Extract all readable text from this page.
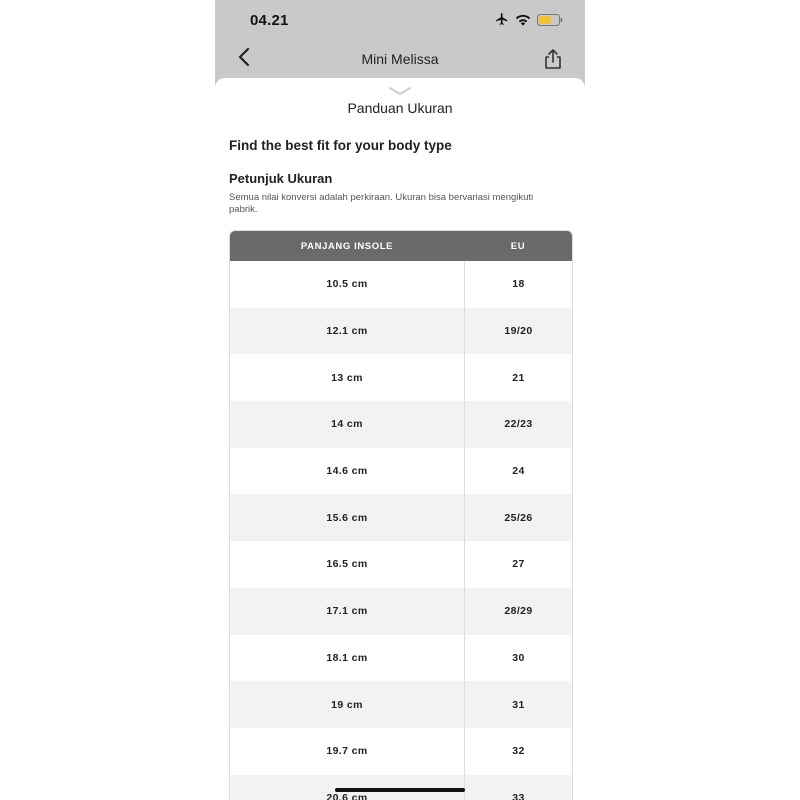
04.21
Mini Melissa
Panduan Ukuran
Find the best fit for your body type
Petunjuk Ukuran
Semua nilai konversi adalah perkiraan. Ukuran bisa bervariasi mengikuti pabrik.
PANJANG INSOLE	EU
10.5 cm	18
12.1 cm	19/20
13 cm	21
14 cm	22/23
14.6 cm	24
15.6 cm	25/26
16.5 cm	27
17.1 cm	28/29
18.1 cm	30
19 cm	31
19.7 cm	32
20.6 cm	33
